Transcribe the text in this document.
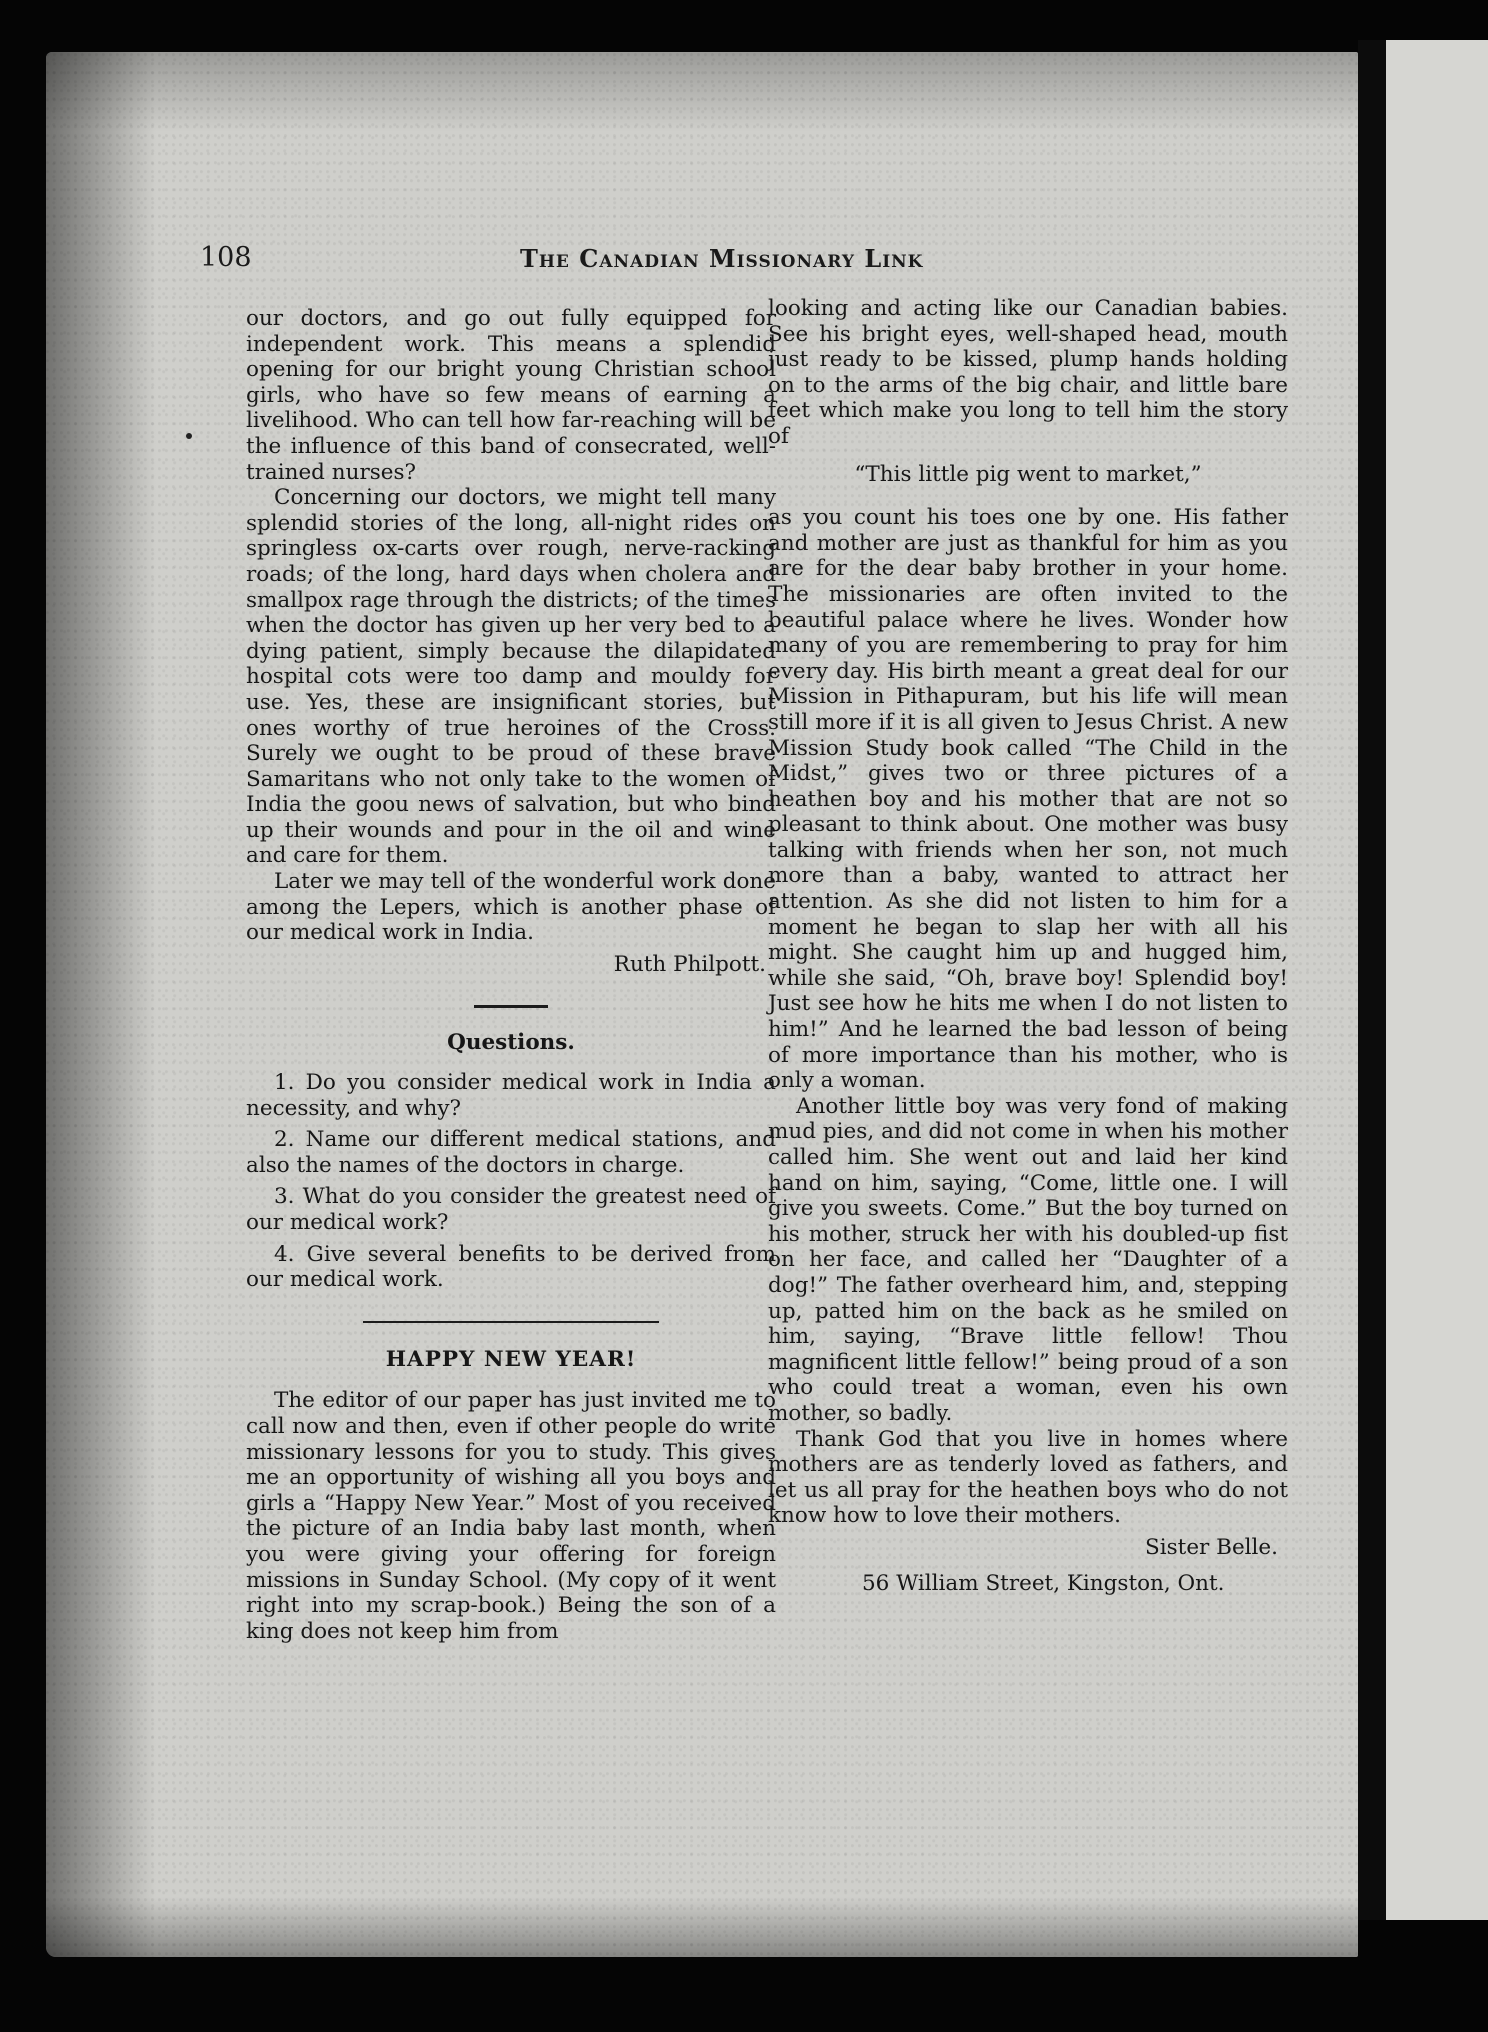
108	The Canadian Missionary Link

our doctors, and go out fully equipped for independent work. This means a splendid opening for our bright young Christian school girls, who have so few means of earning a livelihood. Who can tell how far-reaching will be the influence of this band of consecrated, well-trained nurses?

Concerning our doctors, we might tell many splendid stories of the long, all-night rides on springless ox-carts over rough, nerve-racking roads; of the long, hard days when cholera and smallpox rage through the districts; of the times when the doctor has given up her very bed to a dying patient, simply because the dilapidated hospital cots were too damp and mouldy for use. Yes, these are insignificant stories, but ones worthy of true heroines of the Cross. Surely we ought to be proud of these brave Samaritans who not only take to the women of India the goou news of salvation, but who bind up their wounds and pour in the oil and wine and care for them.

Later we may tell of the wonderful work done among the Lepers, which is another phase of our medical work in India.

Ruth Philpott.

Questions.

1. Do you consider medical work in India a necessity, and why?

2. Name our different medical stations, and also the names of the doctors in charge.

3. What do you consider the greatest need of our medical work?

4. Give several benefits to be derived from our medical work.

HAPPY NEW YEAR!

The editor of our paper has just invited me to call now and then, even if other people do write missionary lessons for you to study. This gives me an opportunity of wishing all you boys and girls a “Happy New Year.” Most of you received the picture of an India baby last month, when you were giving your offering for foreign missions in Sunday School. (My copy of it went right into my scrap-book.) Being the son of a king does not keep him from

looking and acting like our Canadian babies. See his bright eyes, well-shaped head, mouth just ready to be kissed, plump hands holding on to the arms of the big chair, and little bare feet which make you long to tell him the story of

“This little pig went to market,”

as you count his toes one by one. His father and mother are just as thankful for him as you are for the dear baby brother in your home. The missionaries are often invited to the beautiful palace where he lives. Wonder how many of you are remembering to pray for him every day. His birth meant a great deal for our Mission in Pithapuram, but his life will mean still more if it is all given to Jesus Christ. A new Mission Study book called “The Child in the Midst,” gives two or three pictures of a heathen boy and his mother that are not so pleasant to think about. One mother was busy talking with friends when her son, not much more than a baby, wanted to attract her attention. As she did not listen to him for a moment he began to slap her with all his might. She caught him up and hugged him, while she said, “Oh, brave boy! Splendid boy! Just see how he hits me when I do not listen to him!” And he learned the bad lesson of being of more importance than his mother, who is only a woman.

Another little boy was very fond of making mud pies, and did not come in when his mother called him. She went out and laid her kind hand on him, saying, “Come, little one. I will give you sweets. Come.” But the boy turned on his mother, struck her with his doubled-up fist on her face, and called her “Daughter of a dog!” The father overheard him, and, stepping up, patted him on the back as he smiled on him, saying, “Brave little fellow! Thou magnificent little fellow!” being proud of a son who could treat a woman, even his own mother, so badly.

Thank God that you live in homes where mothers are as tenderly loved as fathers, and let us all pray for the heathen boys who do not know how to love their mothers.

Sister Belle.

56 William Street, Kingston, Ont.
